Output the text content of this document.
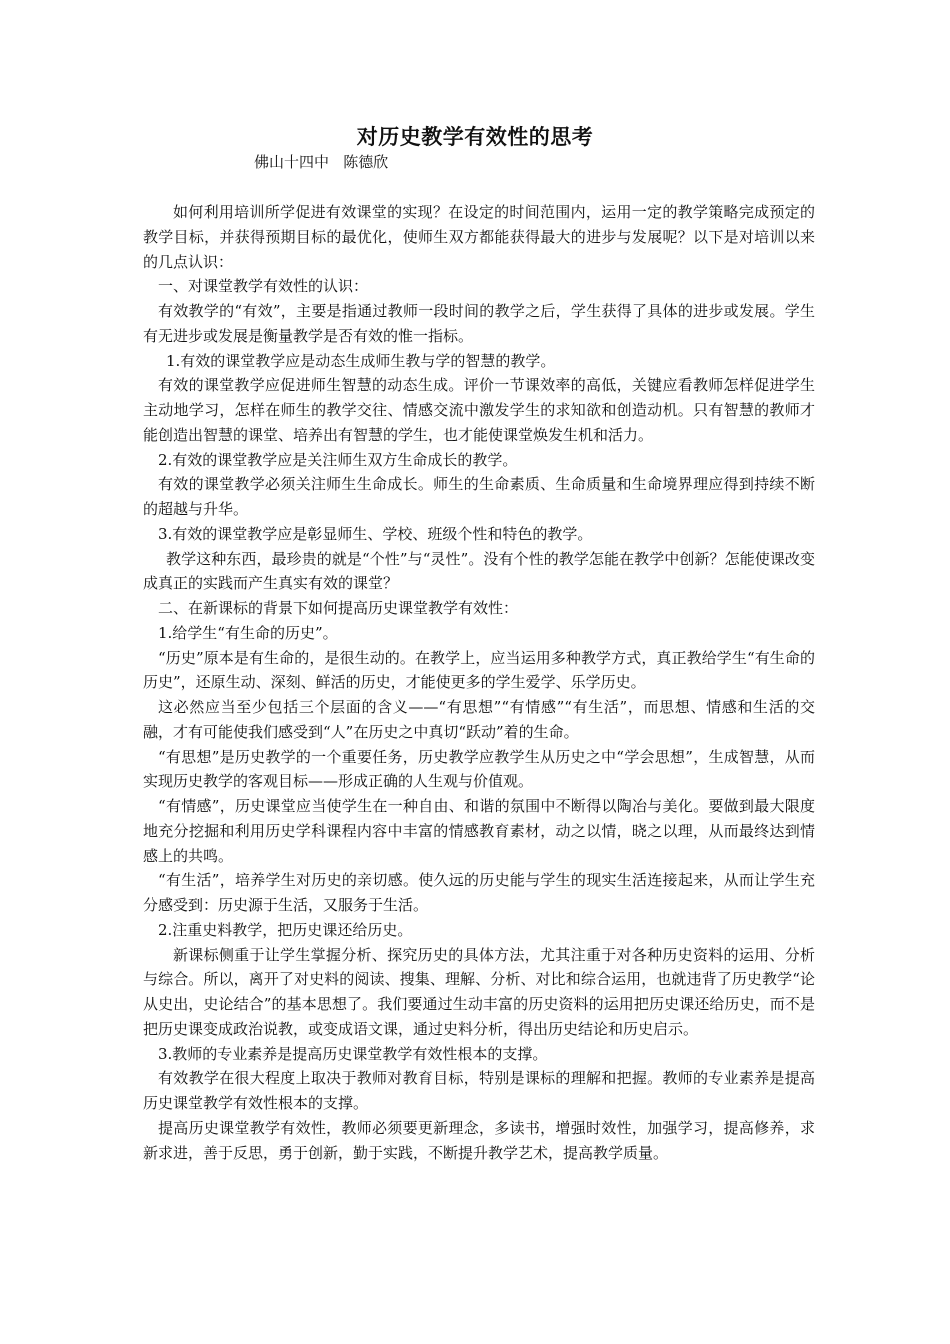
对历史教学有效性的思考
佛山十四中   陈德欣

如何利用培训所学促进有效课堂的实现？在设定的时间范围内，运用一定的教学策略完成预定的教学目标，并获得预期目标的最优化，使师生双方都能获得最大的进步与发展呢？以下是对培训以来的几点认识：

一、对课堂教学有效性的认识：

有效教学的“有效”，主要是指通过教师一段时间的教学之后，学生获得了具体的进步或发展。学生有无进步或发展是衡量教学是否有效的惟一指标。

1.有效的课堂教学应是动态生成师生教与学的智慧的教学。

有效的课堂教学应促进师生智慧的动态生成。评价一节课效率的高低，关键应看教师怎样促进学生主动地学习，怎样在师生的教学交往、情感交流中激发学生的求知欲和创造动机。只有智慧的教师才能创造出智慧的课堂、培养出有智慧的学生，也才能使课堂焕发生机和活力。

2.有效的课堂教学应是关注师生双方生命成长的教学。

有效的课堂教学必须关注师生生命成长。师生的生命素质、生命质量和生命境界理应得到持续不断的超越与升华。

3.有效的课堂教学应是彰显师生、学校、班级个性和特色的教学。

教学这种东西，最珍贵的就是“个性”与“灵性”。没有个性的教学怎能在教学中创新？怎能使课改变成真正的实践而产生真实有效的课堂？

二、在新课标的背景下如何提高历史课堂教学有效性：

1.给学生“有生命的历史”。

“历史”原本是有生命的，是很生动的。在教学上，应当运用多种教学方式，真正教给学生“有生命的历史”，还原生动、深刻、鲜活的历史，才能使更多的学生爱学、乐学历史。

这必然应当至少包括三个层面的含义——“有思想”“有情感”“有生活”，而思想、情感和生活的交融，才有可能使我们感受到“人”在历史之中真切“跃动”着的生命。

“有思想”是历史教学的一个重要任务，历史教学应教学生从历史之中“学会思想”，生成智慧，从而实现历史教学的客观目标——形成正确的人生观与价值观。

“有情感”，历史课堂应当使学生在一种自由、和谐的氛围中不断得以陶冶与美化。要做到最大限度地充分挖掘和利用历史学科课程内容中丰富的情感教育素材，动之以情，晓之以理，从而最终达到情感上的共鸣。

“有生活”，培养学生对历史的亲切感。使久远的历史能与学生的现实生活连接起来，从而让学生充分感受到：历史源于生活，又服务于生活。

2.注重史料教学，把历史课还给历史。

新课标侧重于让学生掌握分析、探究历史的具体方法，尤其注重于对各种历史资料的运用、分析与综合。所以，离开了对史料的阅读、搜集、理解、分析、对比和综合运用，也就违背了历史教学“论从史出，史论结合”的基本思想了。我们要通过生动丰富的历史资料的运用把历史课还给历史，而不是把历史课变成政治说教，或变成语文课，通过史料分析，得出历史结论和历史启示。

3.教师的专业素养是提高历史课堂教学有效性根本的支撑。

有效教学在很大程度上取决于教师对教育目标，特别是课标的理解和把握。教师的专业素养是提高历史课堂教学有效性根本的支撑。

提高历史课堂教学有效性，教师必须要更新理念，多读书，增强时效性，加强学习，提高修养，求新求进，善于反思，勇于创新，勤于实践，不断提升教学艺术，提高教学质量。
